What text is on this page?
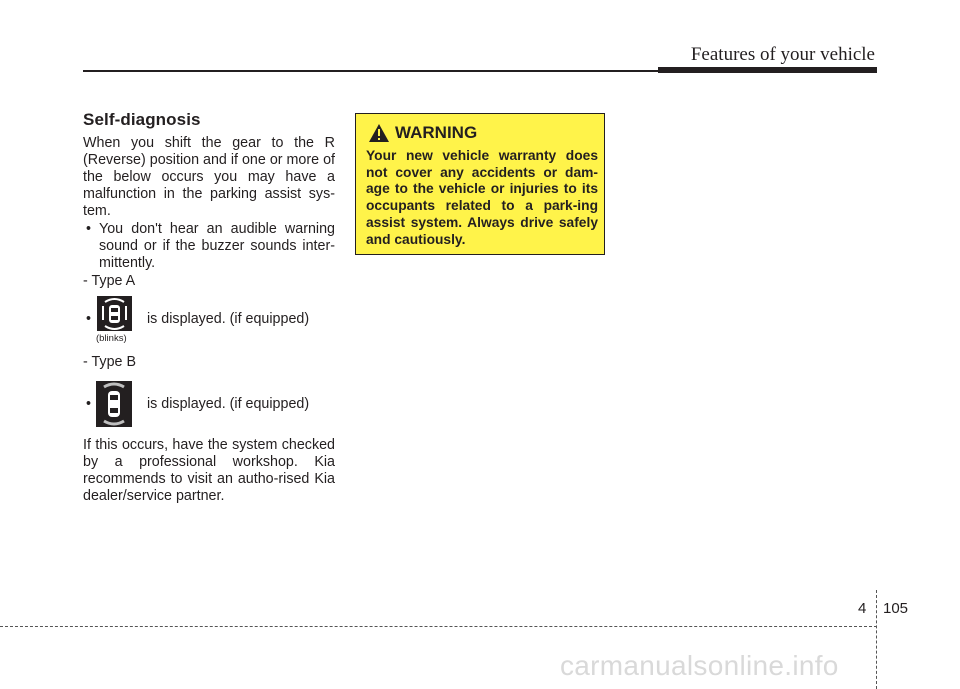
Features of your vehicle
Self-diagnosis
When you shift the gear to the R (Reverse) position and if one or more of the below occurs you may have a malfunction in the parking assist sys-tem.
• You don't hear an audible warning sound or if the buzzer sounds inter-mittently.
- Type A
•	is displayed. (if equipped)
(blinks)
- Type B
•	is displayed. (if equipped)
If this occurs, have the system checked by a professional workshop. Kia recommends to visit an autho-rised Kia dealer/service partner.
WARNING
Your new vehicle warranty does not cover any accidents or dam-age to the vehicle or injuries to its occupants related to a park-ing assist system. Always drive safely and cautiously.
4 105
carmanualsonline.info
